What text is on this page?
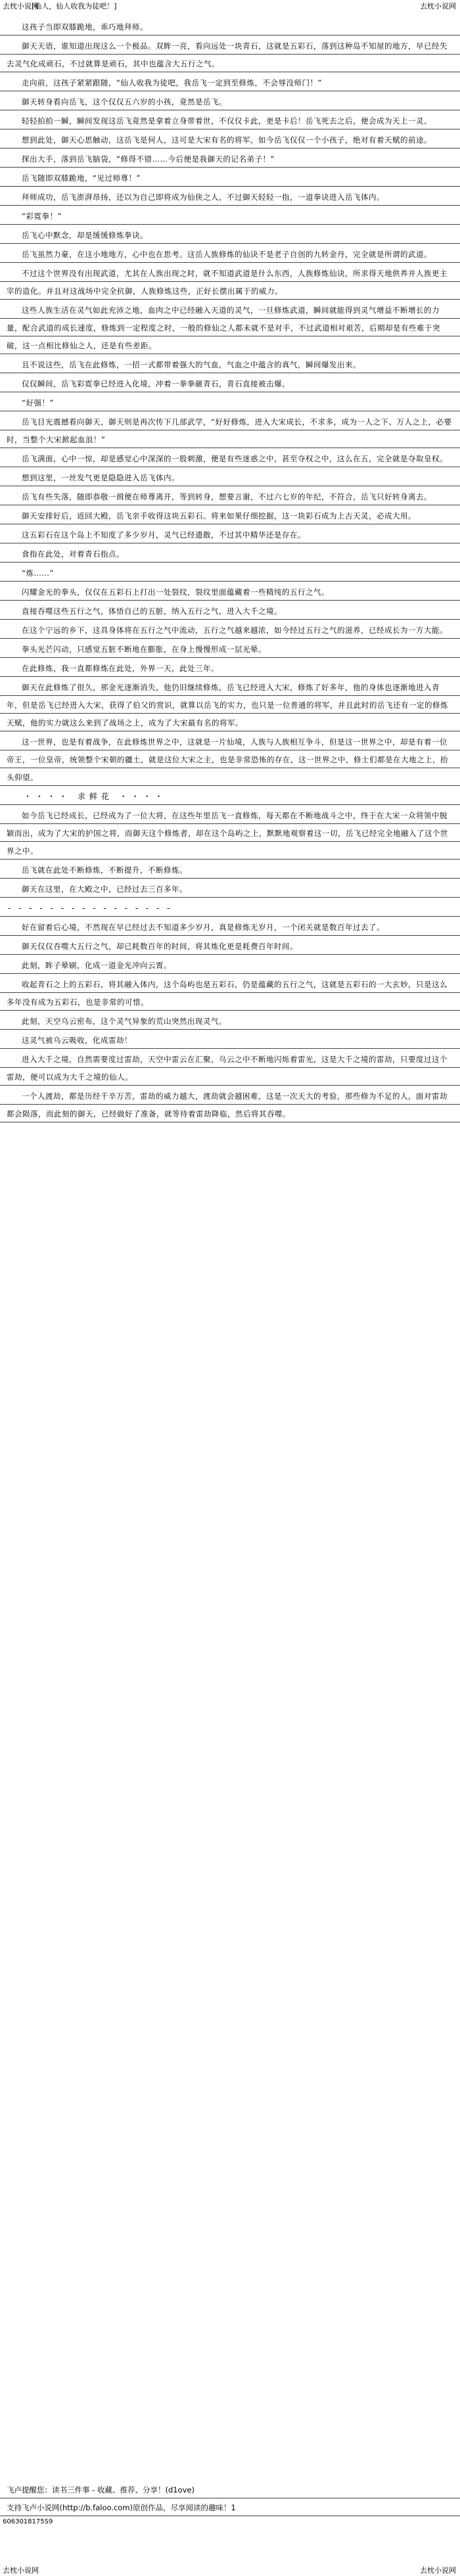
去枕小说网
[仙人，仙人收我为徒吧！]	去枕小说网

这孩子当即双膝跪地，乖巧地拜师。

御天天语，谁知道出现这么一个极品。双眸一亮，看向远处一块青石，这就是五彩石，落到这种岛不知屋的地方，早已经失去灵气化成顽石，不过就算是顽石，其中也蕴含大五行之气。

走向前，这孩子紧紧跟随，“仙人收我为徒吧，我岳飞一定到至修炼，不会辱没师门！”

御天转身看向岳飞，这个仅仅五六岁的小孩，竟然是岳飞。

轻轻拍拍一瞬，瞬间发现这岳飞竟然是拿着立身带着世，不仅仅卡此，更是卡后！岳飞死去之后，便会成为天上一灵。

想到此处，御天心思触动，这岳飞是何人，这可是大宋有名的将军，如今岳飞仅仅一个小孩子，绝对有着天赋的前途。

探出大手，落到岳飞脑袋，“修得不错……今后便是我御天的记名弟子！”

岳飞随即双膝跪地，“见过师尊！”

拜师成功，岳飞澎湃昂扬，还以为自己即将成为仙侠之人，不过御天轻轻一指，一道拳诀进入岳飞体内。

“彩霓拳！”

岳飞心中默念，却是缓缓修炼拳诀。

岳飞虽然力豪，在这小地地方，心中也在思考。这岳人族修炼的仙诀不是老子自创的九转金丹，完全就是所谓的武道。

不过这个世界没有出现武道，尤其在人族出现之时，就不知道武道是什么东西，人族修炼仙诀，所求得天地供养并人族更主宰的造化。并且对这战场中完全抗御，人族修炼这些，正好长摆出属于的威力。

这些人族生活在灵气如此充沛之地，血肉之中已经融入天道的灵气，一旦修炼武道，瞬间就能得到灵气增益不断增长的力量，配合武道的成长速度，修炼到一定程度之时，一般的修仙之人都未就不是对手，不过武道相对艰苦，后期却是有些难于突破，这一点相比修仙之人，还是有些差距。

且不说这些，岳飞在此修炼，一招一式都带着强大的气血，气血之中蕴含的真气，瞬间爆发出来。

仅仅瞬间，岳飞彩霓拳已经进入化境，冲着一拳拳砸青石，青石直接被击爆。

“好强！”

岳飞目光震撼看向御天，御天则是再次传下几部武学，“好好修炼，进入大宋成长，不求多，成为一人之下、万人之上，必要时，当整个大宋掀起血浪！”

岳飞满面，心中一惊，却是感觉心中深深的一股刺激，便是有些迷惑之中，甚至夺权之中，这么在五，完全就是夺取皇权。

想到这里，一丝发气更是隐隐进入岳飞体内。

岳飞有些失落，随即恭敬一揖便在师尊离开，等到转身，想要言谢，不过六七岁的年纪，不符合，岳飞只好转身离去。

御天安排好后，返回大殿，岳飞亲手收得这块五彩石。将来如果仔细挖掘，这一块彩石成为上古天灵，必成大用。

这五彩石在这个岛上不知度了多少岁月，灵气已经遗散，不过其中精华还是存在。

食指在此处，对着青石指点。

“炼……”

闪耀金光的拳头，仅仅在五彩石上打出一处裂纹，裂纹里面蕴藏着一些精纯的五行之气。

直接吞噬这些五行之气，体悟自己的五脏，纳入五行之气，进入大千之境。

在这个宁远的乡下，这具身体将在五行之气中流动，五行之气越来越浓，如今经过五行之气的滋养，已经成长为一方大能。

拳头光芒闪动，只感觉五脏不断地在膨胀，在身上慢慢形成一层光晕。

在此修炼，我一直都修炼在此处，外界一天，此处三年。

御天在此修炼了很久，那金光逐渐消失，他仍旧继续修炼，岳飞已经进入大宋，修炼了好多年，他的身体也逐渐地进入青年，但是岳飞已经进入大宋，获得了伯父的赏识，就算以岳飞的实力，也只是一位普通的将军，并且此时的岳飞还有一定的修炼天赋，他的实力就这么来到了战场之上，成为了大宋最有名的将军。

这一世界，也是有着战争，在此修炼世界之中，这就是一片仙境，人族与人族相互争斗，但是这一世界之中，却是有着一位帝王，一位皇帝，统领整个宋朝的疆土，就是这位大宋之主，也是非常恐怖的存在，这一世界之中，修士们都是在大地之上，抬头仰望。

・・・・ 求鲜花 ・・・・

如今岳飞已经成长，已经成为了一位大将，在这些年里岳飞一直修炼，每天都在不断地战斗之中，终于在大宋一众将领中脱颖而出，成为了大宋的护国之将，而御天这个修炼者，却在这个岛屿之上，默默地观察着这一切，岳飞已经完全地融入了这个世界之中。

岳飞就在此处不断修炼，不断提升，不断修炼。

御天在这里，在大殿之中，已经过去三百多年。

- - - - - - - - - - - - - - - -

好在留着后心境，不然现在早已经过去不知道多少岁月，真是修炼无岁月，一个闭关就是数百年过去了。

御天仅仅吞噬大五行之气，却已耗数百年的时间，将其炼化更是耗费百年时间。

此刻，眸子晕刷，化成一道金光冲向云霄。

收起青石之上的五彩石，将其融入体内，这个岛屿也是五彩石，仍是蕴藏的五行之气，这就是五彩石的一大玄妙，只是这么多年没有成为五彩石，也是非常的可惜。

此刻，天空乌云密布，这个灵气异象的荒山突然出现灵气。

这灵气被乌云吸收，化成雷劫！

进入大千之境，自然需要度过雷劫，天空中雷云在汇聚，乌云之中不断地闪烁着雷光，这是大千之境的雷劫，只要度过这个雷劫，便可以成为大千之境的仙人。

一个人渡劫，都是历经千辛万苦，雷劫的威力越大，渡劫就会越困难，这是一次天大的考验，那些修为不足的人，面对雷劫都会陨落，而此刻的御天，已经做好了准备，就等待着雷劫降临，然后将其吞噬。

飞卢提醒您：读书三件事 - 收藏、推荐、分享！(d1ove)
支持飞卢小说网(http://b.faloo.com)原创作品，尽享阅读的趣味！1
6063018175S9
去枕小说网	去枕小说网
